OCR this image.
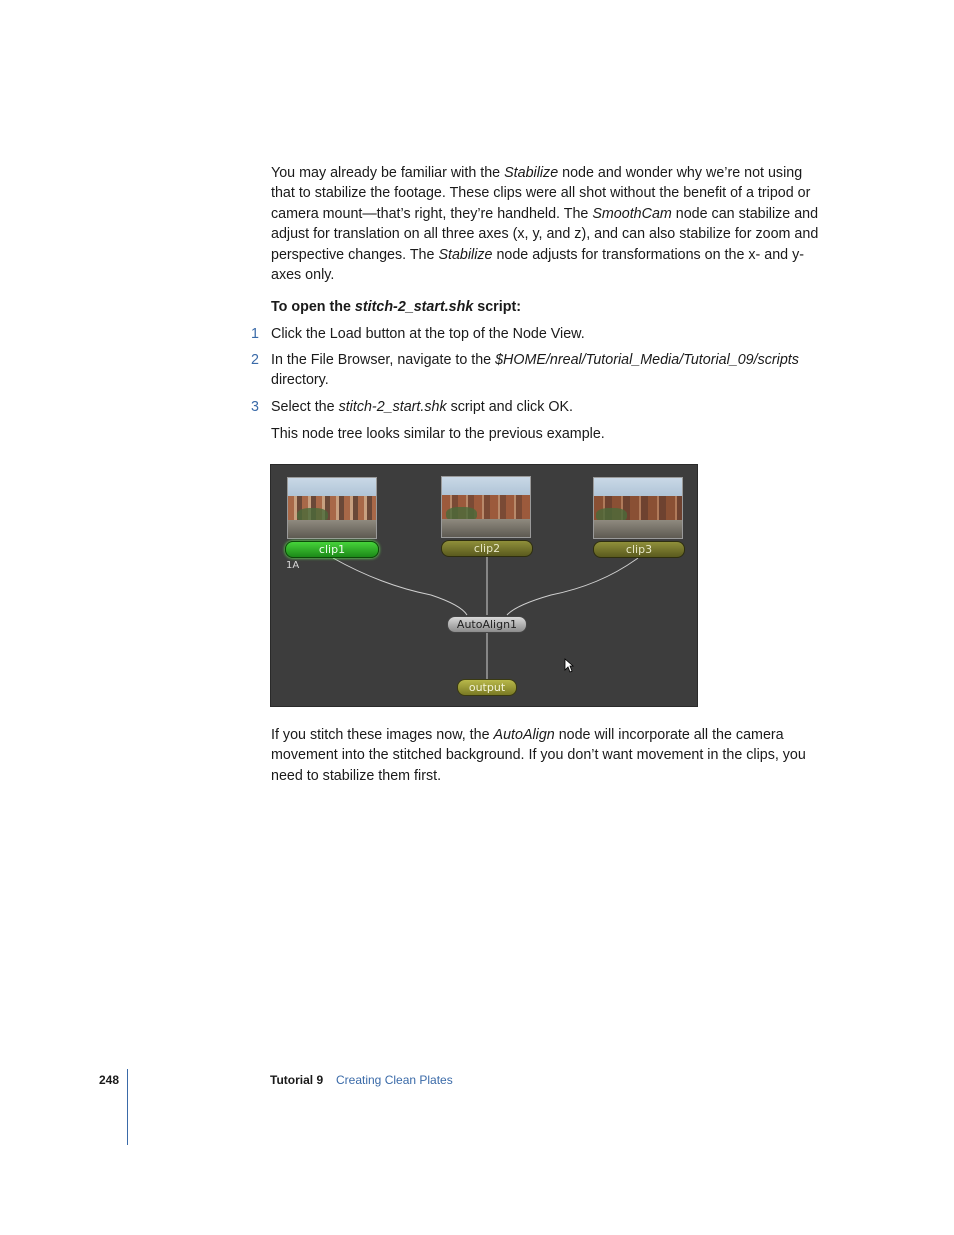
You may already be familiar with the Stabilize node and wonder why we’re not using that to stabilize the footage. These clips were all shot without the benefit of a tripod or camera mount—that’s right, they’re handheld. The SmoothCam node can stabilize and adjust for translation on all three axes (x, y, and z), and can also stabilize for zoom and perspective changes. The Stabilize node adjusts for transformations on the x- and y-axes only.

To open the stitch-2_start.shk script:

1 Click the Load button at the top of the Node View.
2 In the File Browser, navigate to the $HOME/nreal/Tutorial_Media/Tutorial_09/scripts directory.
3 Select the stitch-2_start.shk script and click OK.

This node tree looks similar to the previous example.

clip1
1A
clip2	clip3
AutoAlign1
output

If you stitch these images now, the AutoAlign node will incorporate all the camera movement into the stitched background. If you don’t want movement in the clips, you need to stabilize them first.

248	Tutorial 9 Creating Clean Plates
